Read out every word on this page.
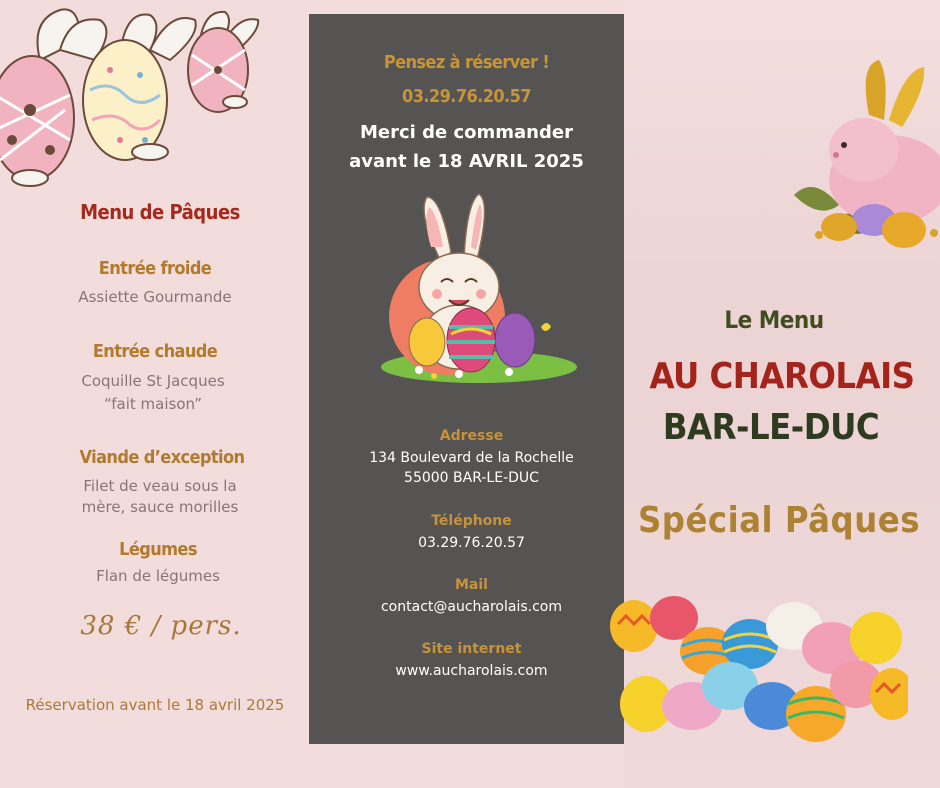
Menu de Pâques
Entrée froide
Assiette Gourmande
Entrée chaude
Coquille St Jacques
“fait maison”
Viande d’exception
Filet de veau sous la
mère, sauce morilles
Légumes
Flan de légumes
38 € / pers.
Réservation avant le 18 avril 2025
Pensez à réserver !
03.29.76.20.57
Merci de commander
avant le 18 AVRIL 2025
Adresse
134 Boulevard de la Rochelle
55000 BAR-LE-DUC
Téléphone
03.29.76.20.57
Mail
contact@aucharolais.com
Site internet
www.aucharolais.com
Le Menu
AU CHAROLAIS
BAR-LE-DUC
Spécial Pâques
